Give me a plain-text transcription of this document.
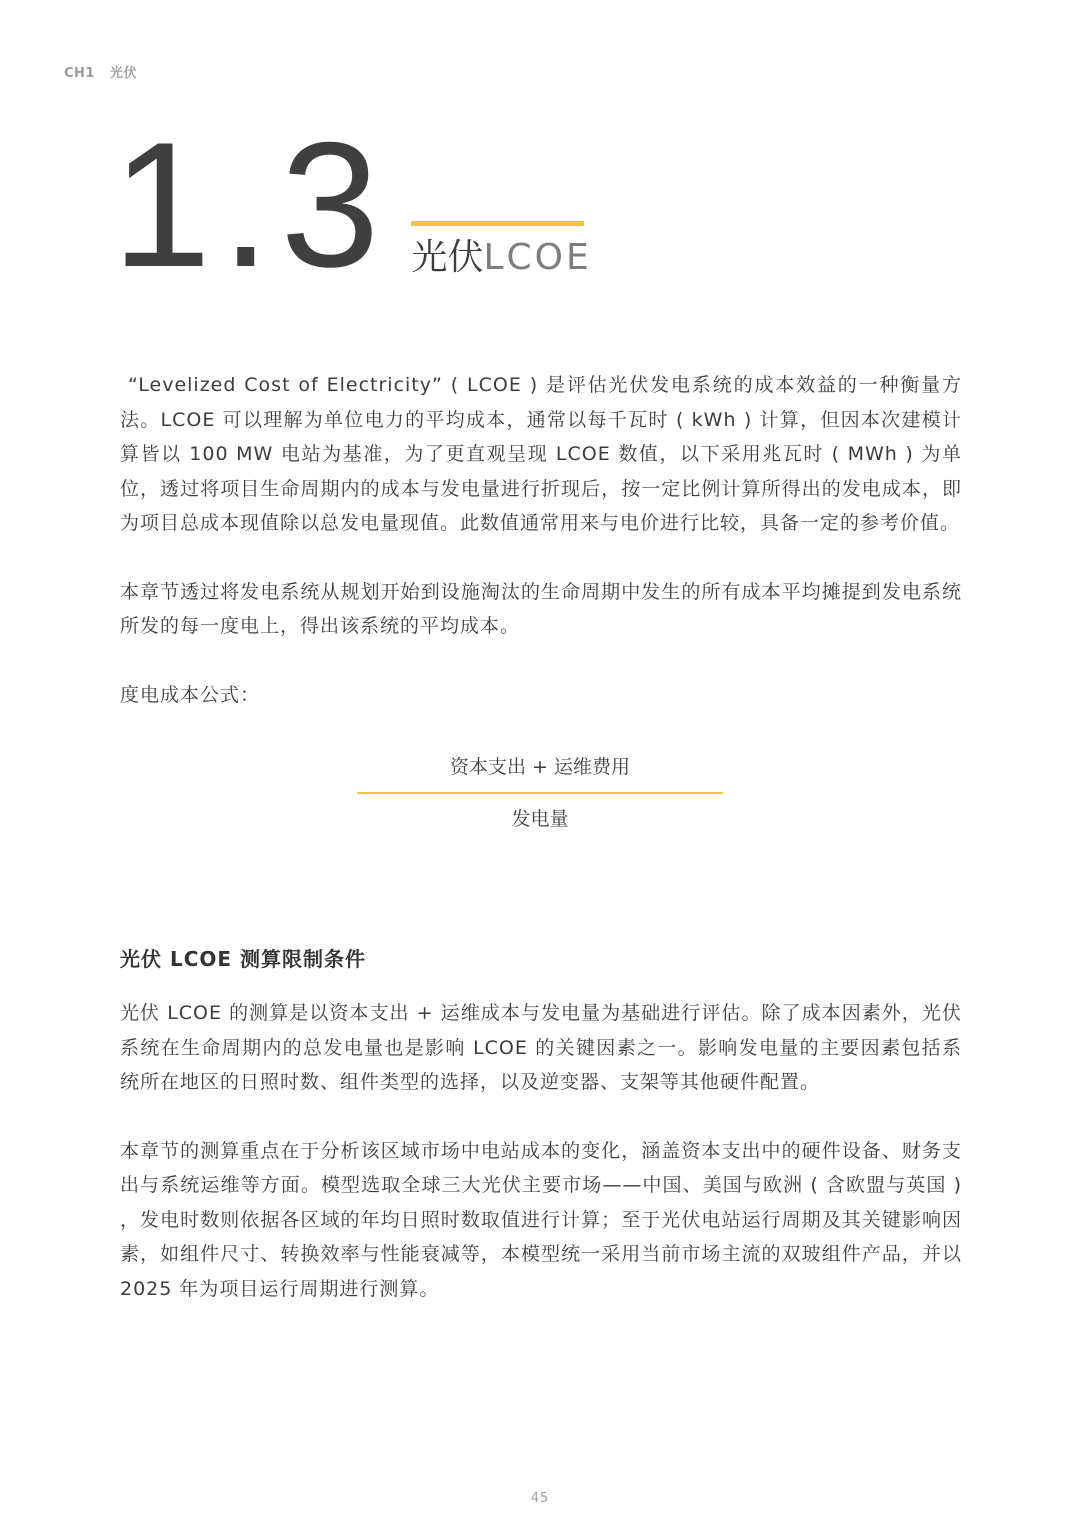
CH1 光伏
1.3 光伏LCOE

“Levelized Cost of Electricity” ( LCOE ) 是评估光伏发电系统的成本效益的一种衡量方法。LCOE 可以理解为单位电力的平均成本，通常以每千瓦时 ( kWh ) 计算，但因本次建模计算皆以 100 MW 电站为基准，为了更直观呈现 LCOE 数值，以下采用兆瓦时 ( MWh ) 为单位，透过将项目生命周期内的成本与发电量进行折现后，按一定比例计算所得出的发电成本，即为项目总成本现值除以总发电量现值。此数值通常用来与电价进行比较，具备一定的参考价值。

本章节透过将发电系统从规划开始到设施淘汰的生命周期中发生的所有成本平均摊提到发电系统所发的每一度电上，得出该系统的平均成本。

度电成本公式：

资本支出 + 运维费用
发电量
光伏 LCOE 测算限制条件

光伏 LCOE 的测算是以资本支出 + 运维成本与发电量为基础进行评估。除了成本因素外，光伏系统在生命周期内的总发电量也是影响 LCOE 的关键因素之一。影响发电量的主要因素包括系统所在地区的日照时数、组件类型的选择，以及逆变器、支架等其他硬件配置。

本章节的测算重点在于分析该区域市场中电站成本的变化，涵盖资本支出中的硬件设备、财务支出与系统运维等方面。模型选取全球三大光伏主要市场——中国、美国与欧洲 ( 含欧盟与英国 ) ，发电时数则依据各区域的年均日照时数取值进行计算；至于光伏电站运行周期及其关键影响因素，如组件尺寸、转换效率与性能衰减等，本模型统一采用当前市场主流的双玻组件产品，并以 2025 年为项目运行周期进行测算。

45
